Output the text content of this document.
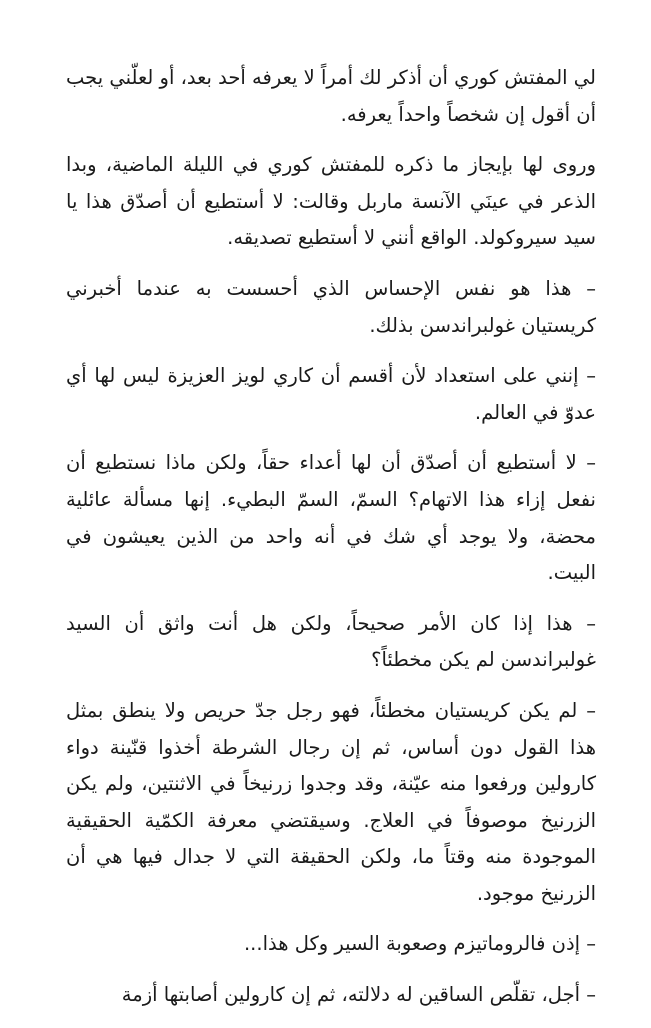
لي المفتش كوري أن أذكر لك أمراً لا يعرفه أحد بعد، أو لعلّني يجب أن أقول إن شخصاً واحداً يعرفه.

وروى لها بإيجاز ما ذكره للمفتش كوري في الليلة الماضية، وبدا الذعر في عينَي الآنسة ماربل وقالت: لا أستطيع أن أصدّق هذا يا سيد سيروكولد. الواقع أنني لا أستطيع تصديقه.

– هذا هو نفس الإحساس الذي أحسست به عندما أخبرني كريستيان غولبراندسن بذلك.

– إنني على استعداد لأن أقسم أن كاري لويز العزيزة ليس لها أي عدوّ في العالم.

– لا أستطيع أن أصدّق أن لها أعداء حقاً، ولكن ماذا نستطيع أن نفعل إزاء هذا الاتهام؟ السمّ، السمّ البطيء. إنها مسألة عائلية محضة، ولا يوجد أي شك في أنه واحد من الذين يعيشون في البيت.

– هذا إذا كان الأمر صحيحاً، ولكن هل أنت واثق أن السيد غولبراندسن لم يكن مخطئاً؟

– لم يكن كريستيان مخطئاً، فهو رجل جدّ حريص ولا ينطق بمثل هذا القول دون أساس، ثم إن رجال الشرطة أخذوا قنّينة دواء كارولين ورفعوا منه عيّنة، وقد وجدوا زرنيخاً في الاثنتين، ولم يكن الزرنيخ موصوفاً في العلاج. وسيقتضي معرفة الكمّية الحقيقية الموجودة منه وقتاً ما، ولكن الحقيقة التي لا جدال فيها هي أن الزرنيخ موجود.

– إذن فالروماتيزم وصعوبة السير وكل هذا...

– أجل، تقلّص الساقين له دلالته، ثم إن كارولين أصابتها أزمة
